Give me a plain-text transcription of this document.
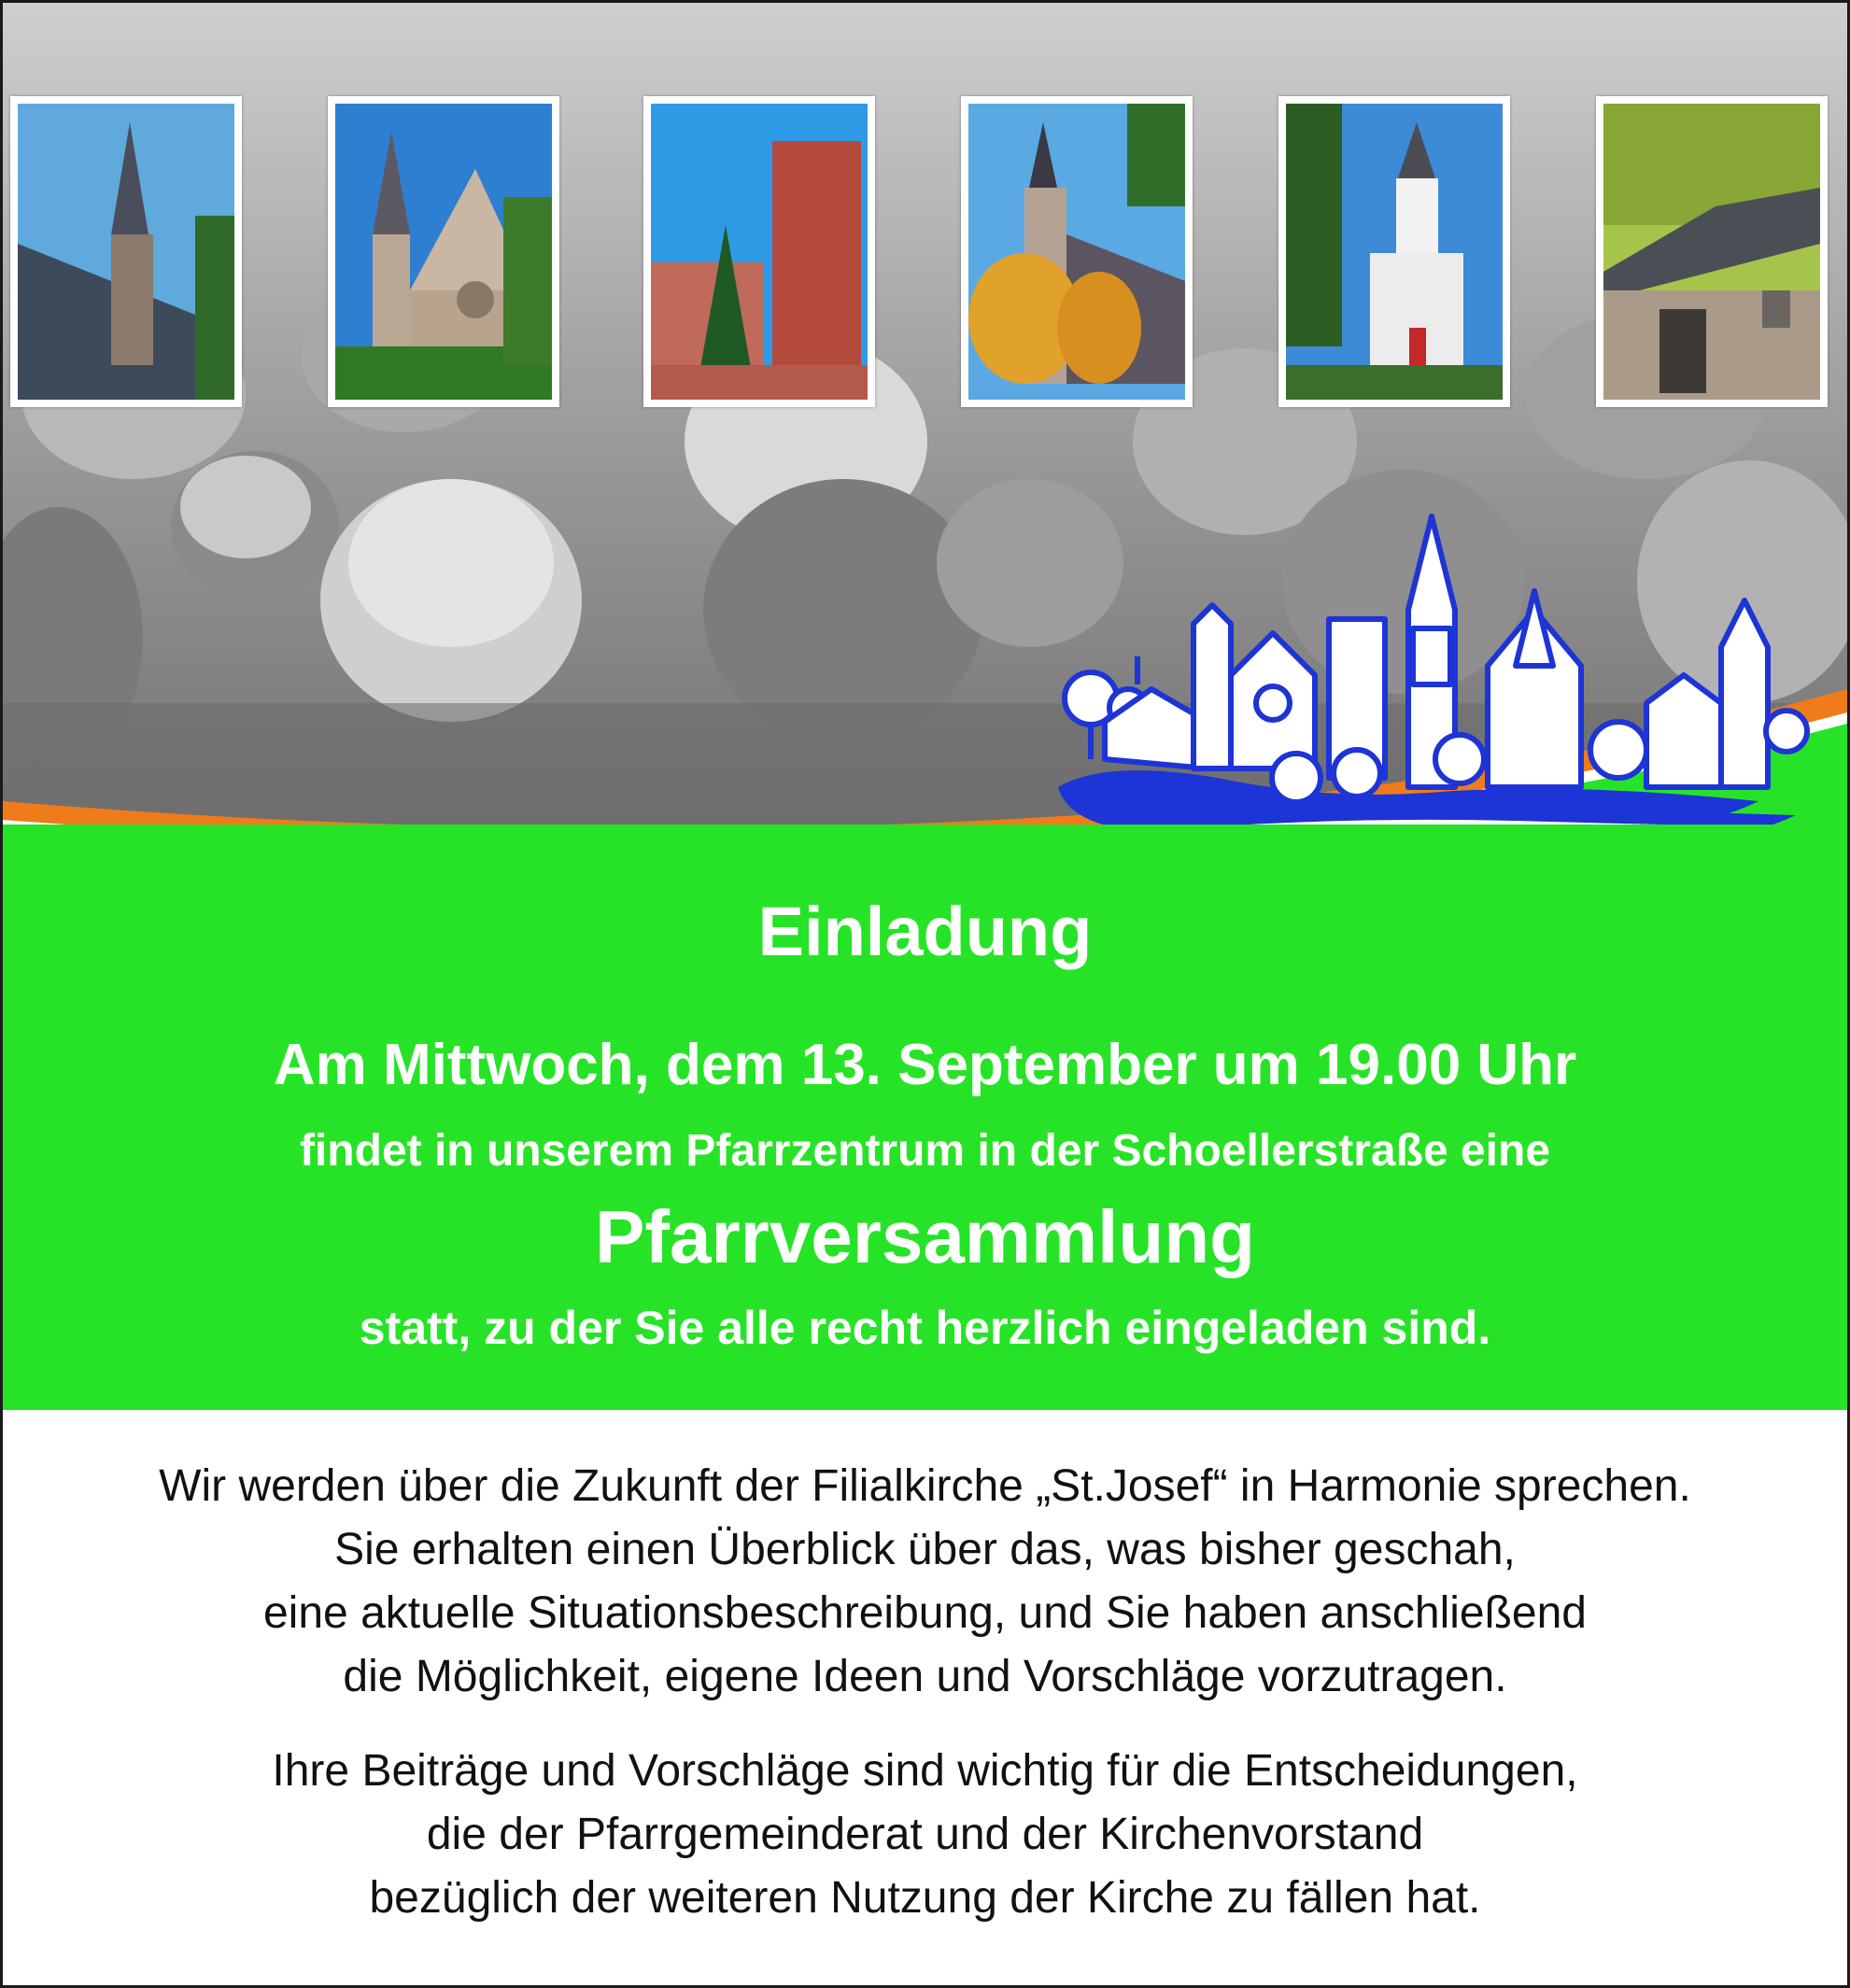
Einladung
Am Mittwoch, dem 13. September um 19.00 Uhr
findet in unserem Pfarrzentrum in der Schoellerstraße eine
Pfarrversammlung
statt, zu der Sie alle recht herzlich eingeladen sind.
Wir werden über die Zukunft der Filialkirche „St.Josef“ in Harmonie sprechen.
Sie erhalten einen Überblick über das, was bisher geschah,
eine aktuelle Situationsbeschreibung, und Sie haben anschließend
die Möglichkeit, eigene Ideen und Vorschläge vorzutragen.
Ihre Beiträge und Vorschläge sind wichtig für die Entscheidungen,
die der Pfarrgemeinderat und der Kirchenvorstand
bezüglich der weiteren Nutzung der Kirche zu fällen hat.
